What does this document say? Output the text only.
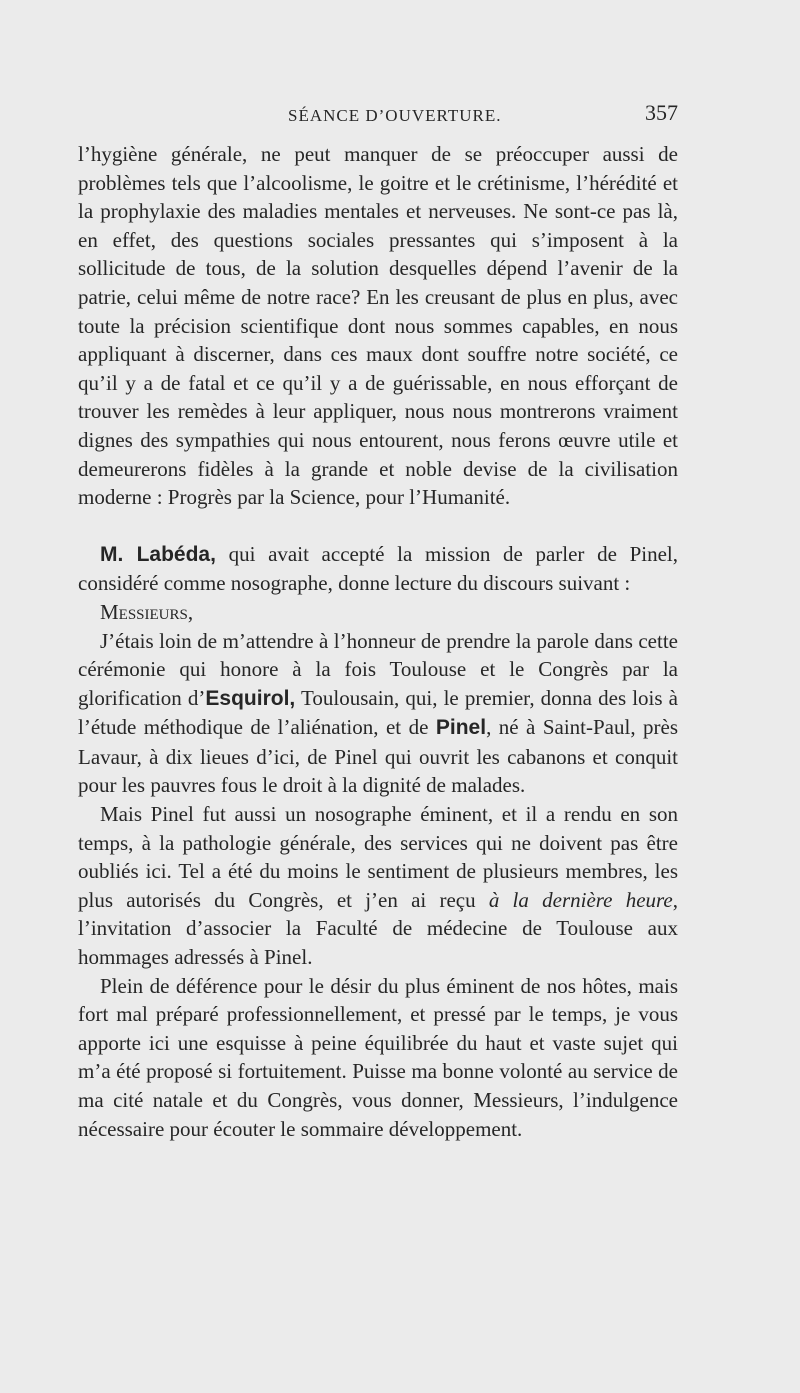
SÉANCE D’OUVERTURE.	357

l’hygiène générale, ne peut manquer de se préoccuper aussi de problèmes tels que l’alcoolisme, le goitre et le crétinisme, l’hérédité et la prophylaxie des maladies mentales et nerveuses. Ne sont-ce pas là, en effet, des questions sociales pressantes qui s’imposent à la sollicitude de tous, de la solution desquelles dépend l’avenir de la patrie, celui même de notre race? En les creusant de plus en plus, avec toute la précision scientifique dont nous sommes capables, en nous appliquant à discerner, dans ces maux dont souffre notre société, ce qu’il y a de fatal et ce qu’il y a de guérissable, en nous efforçant de trouver les remèdes à leur appliquer, nous nous montrerons vraiment dignes des sympathies qui nous entourent, nous ferons œuvre utile et demeurerons fidèles à la grande et noble devise de la civilisation moderne : Progrès par la Science, pour l’Humanité.

M. Labéda, qui avait accepté la mission de parler de Pinel, considéré comme nosographe, donne lecture du discours suivant :

Messieurs,

J’étais loin de m’attendre à l’honneur de prendre la parole dans cette cérémonie qui honore à la fois Toulouse et le Congrès par la glorification d’Esquirol, Toulousain, qui, le premier, donna des lois à l’étude méthodique de l’aliénation, et de Pinel, né à Saint-Paul, près Lavaur, à dix lieues d’ici, de Pinel qui ouvrit les cabanons et conquit pour les pauvres fous le droit à la dignité de malades.

Mais Pinel fut aussi un nosographe éminent, et il a rendu en son temps, à la pathologie générale, des services qui ne doivent pas être oubliés ici. Tel a été du moins le sentiment de plusieurs membres, les plus autorisés du Congrès, et j’en ai reçu à la dernière heure, l’invitation d’associer la Faculté de médecine de Toulouse aux hommages adressés à Pinel.

Plein de déférence pour le désir du plus éminent de nos hôtes, mais fort mal préparé professionnellement, et pressé par le temps, je vous apporte ici une esquisse à peine équilibrée du haut et vaste sujet qui m’a été proposé si fortuitement. Puisse ma bonne volonté au service de ma cité natale et du Congrès, vous donner, Messieurs, l’indulgence nécessaire pour écouter le sommaire développement.
